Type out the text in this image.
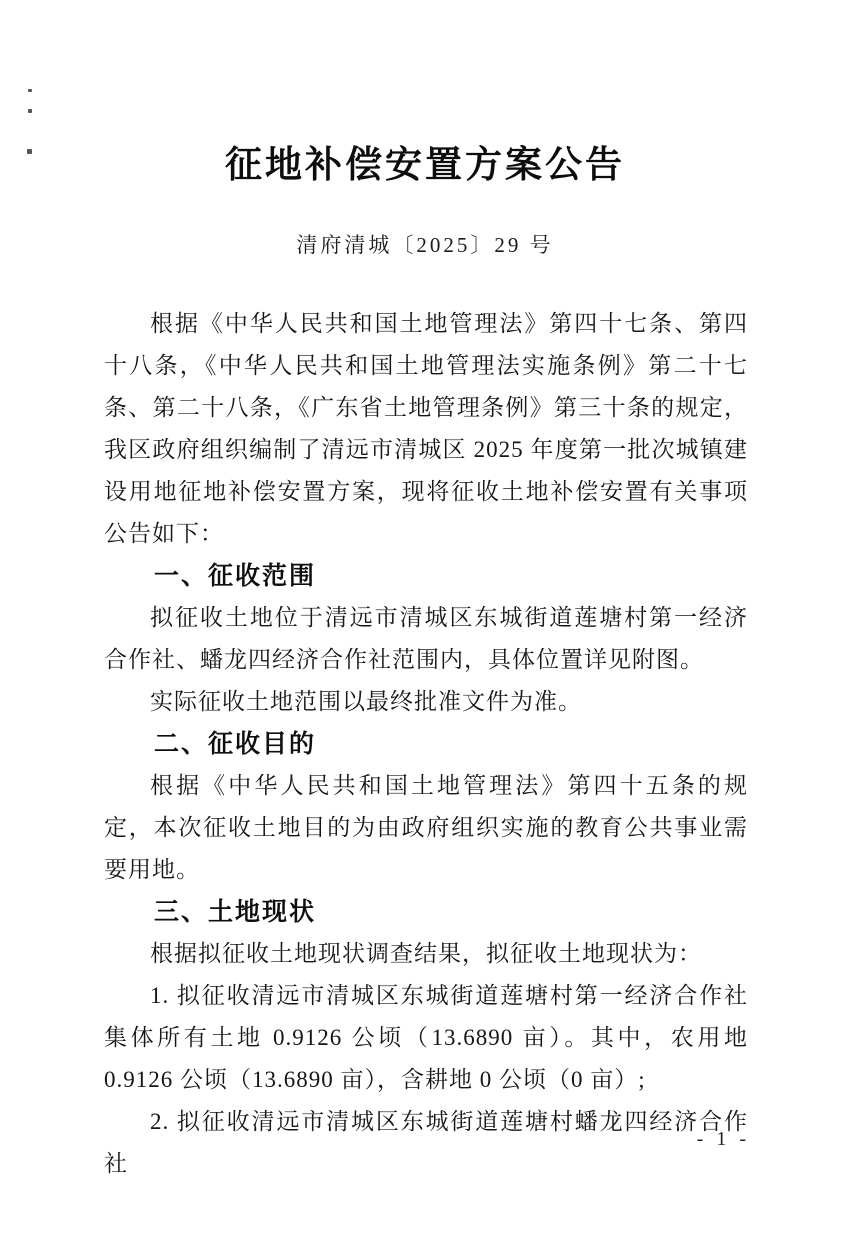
征地补偿安置方案公告
清府清城〔2025〕29 号

根据《中华人民共和国土地管理法》第四十七条、第四十八条，《中华人民共和国土地管理法实施条例》第二十七条、第二十八条，《广东省土地管理条例》第三十条的规定，我区政府组织编制了清远市清城区 2025 年度第一批次城镇建设用地征地补偿安置方案，现将征收土地补偿安置有关事项公告如下：

一、征收范围

拟征收土地位于清远市清城区东城街道莲塘村第一经济合作社、蟠龙四经济合作社范围内，具体位置详见附图。

实际征收土地范围以最终批准文件为准。

二、征收目的

根据《中华人民共和国土地管理法》第四十五条的规定，本次征收土地目的为由政府组织实施的教育公共事业需要用地。

三、土地现状

根据拟征收土地现状调查结果，拟征收土地现状为：

1. 拟征收清远市清城区东城街道莲塘村第一经济合作社集体所有土地 0.9126 公顷（13.6890 亩）。其中，农用地 0.9126 公顷（13.6890 亩），含耕地 0 公顷（0 亩）;

2. 拟征收清远市清城区东城街道莲塘村蟠龙四经济合作社

- 1 -
